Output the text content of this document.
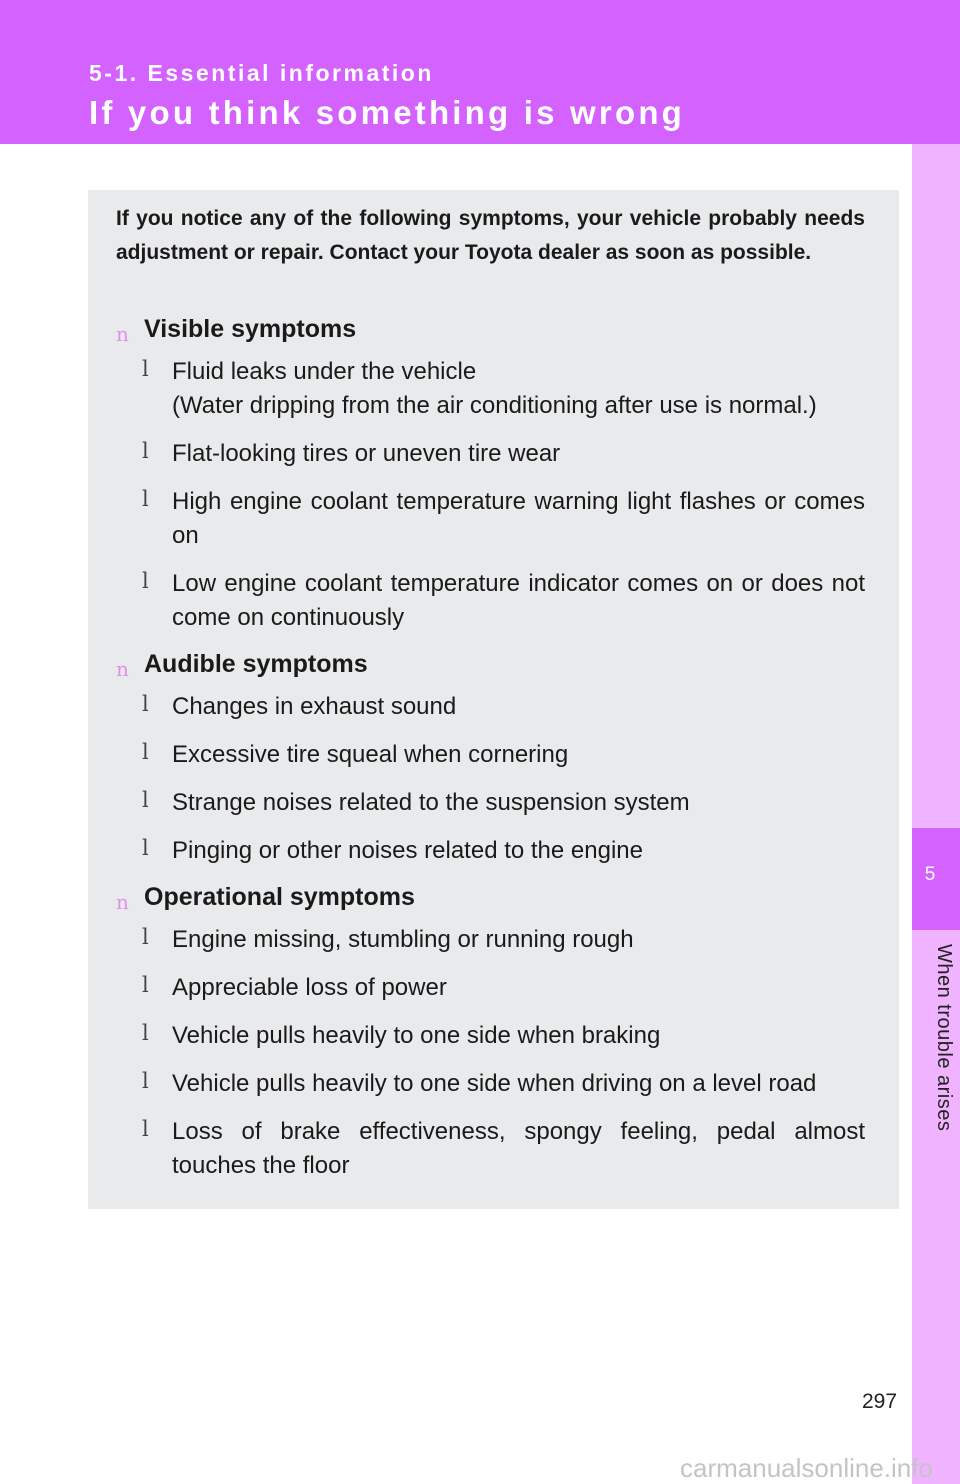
5-1. Essential information
If you think something is wrong
5
When trouble arises

If you notice any of the following symptoms, your vehicle probably needs adjustment or repair. Contact your Toyota dealer as soon as possible.

n Visible symptoms
l Fluid leaks under the vehicle
(Water dripping from the air conditioning after use is normal.)
l Flat-looking tires or uneven tire wear
l High engine coolant temperature warning light flashes or comes on
l Low engine coolant temperature indicator comes on or does not come on continuously
n Audible symptoms
l Changes in exhaust sound
l Excessive tire squeal when cornering
l Strange noises related to the suspension system
l Pinging or other noises related to the engine
n Operational symptoms
l Engine missing, stumbling or running rough
l Appreciable loss of power
l Vehicle pulls heavily to one side when braking
l Vehicle pulls heavily to one side when driving on a level road
l Loss of brake effectiveness, spongy feeling, pedal almost touches the floor
297
carmanualsonline.info
